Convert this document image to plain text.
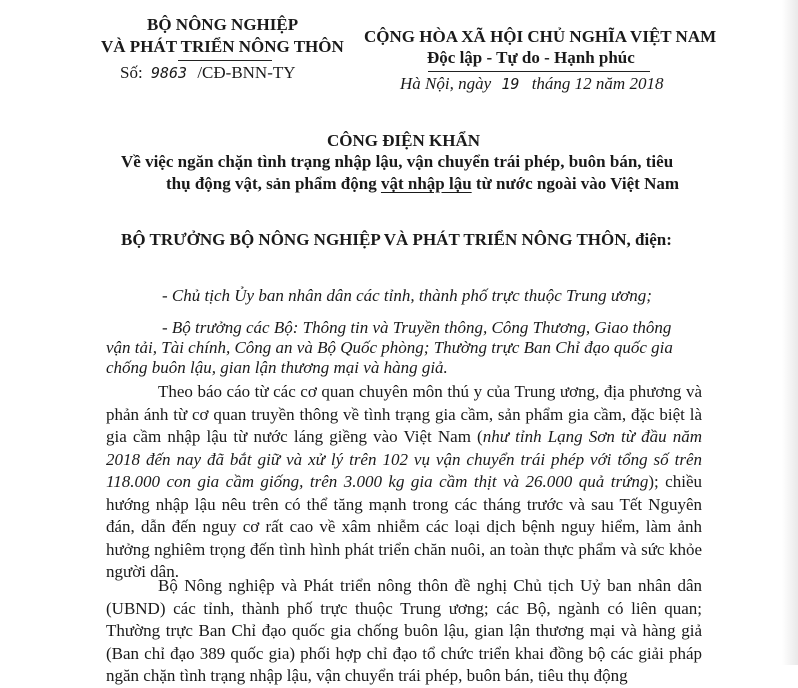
BỘ NÔNG NGHIỆP
VÀ PHÁT TRIỂN NÔNG THÔN
Số: 9863 /CĐ-BNN-TY
CỘNG HÒA XÃ HỘI CHỦ NGHĨA VIỆT NAM
Độc lập - Tự do - Hạnh phúc
Hà Nội, ngày 19 tháng 12 năm 2018
CÔNG ĐIỆN KHẨN
Về việc ngăn chặn tình trạng nhập lậu, vận chuyển trái phép, buôn bán, tiêu
thụ động vật, sản phẩm động vật nhập lậu từ nước ngoài vào Việt Nam
BỘ TRƯỞNG BỘ NÔNG NGHIỆP VÀ PHÁT TRIỂN NÔNG THÔN, điện:
- Chủ tịch Ủy ban nhân dân các tỉnh, thành phố trực thuộc Trung ương;
- Bộ trưởng các Bộ: Thông tin và Truyền thông, Công Thương, Giao thông
vận tải, Tài chính, Công an và Bộ Quốc phòng; Thường trực Ban Chỉ đạo quốc gia
chống buôn lậu, gian lận thương mại và hàng giả.

Theo báo cáo từ các cơ quan chuyên môn thú y của Trung ương, địa phương và phản ánh từ cơ quan truyền thông về tình trạng gia cầm, sản phẩm gia cầm, đặc biệt là gia cầm nhập lậu từ nước láng giềng vào Việt Nam (như tỉnh Lạng Sơn từ đầu năm 2018 đến nay đã bắt giữ và xử lý trên 102 vụ vận chuyển trái phép với tổng số trên 118.000 con gia cầm giống, trên 3.000 kg gia cầm thịt và 26.000 quả trứng); chiều hướng nhập lậu nêu trên có thể tăng mạnh trong các tháng trước và sau Tết Nguyên đán, dẫn đến nguy cơ rất cao về xâm nhiễm các loại dịch bệnh nguy hiểm, làm ảnh hưởng nghiêm trọng đến tình hình phát triển chăn nuôi, an toàn thực phẩm và sức khỏe người dân.

Bộ Nông nghiệp và Phát triển nông thôn đề nghị Chủ tịch Uỷ ban nhân dân (UBND) các tỉnh, thành phố trực thuộc Trung ương; các Bộ, ngành có liên quan; Thường trực Ban Chỉ đạo quốc gia chống buôn lậu, gian lận thương mại và hàng giả (Ban chỉ đạo 389 quốc gia) phối hợp chỉ đạo tổ chức triển khai đồng bộ các giải pháp ngăn chặn tình trạng nhập lậu, vận chuyển trái phép, buôn bán, tiêu thụ động
